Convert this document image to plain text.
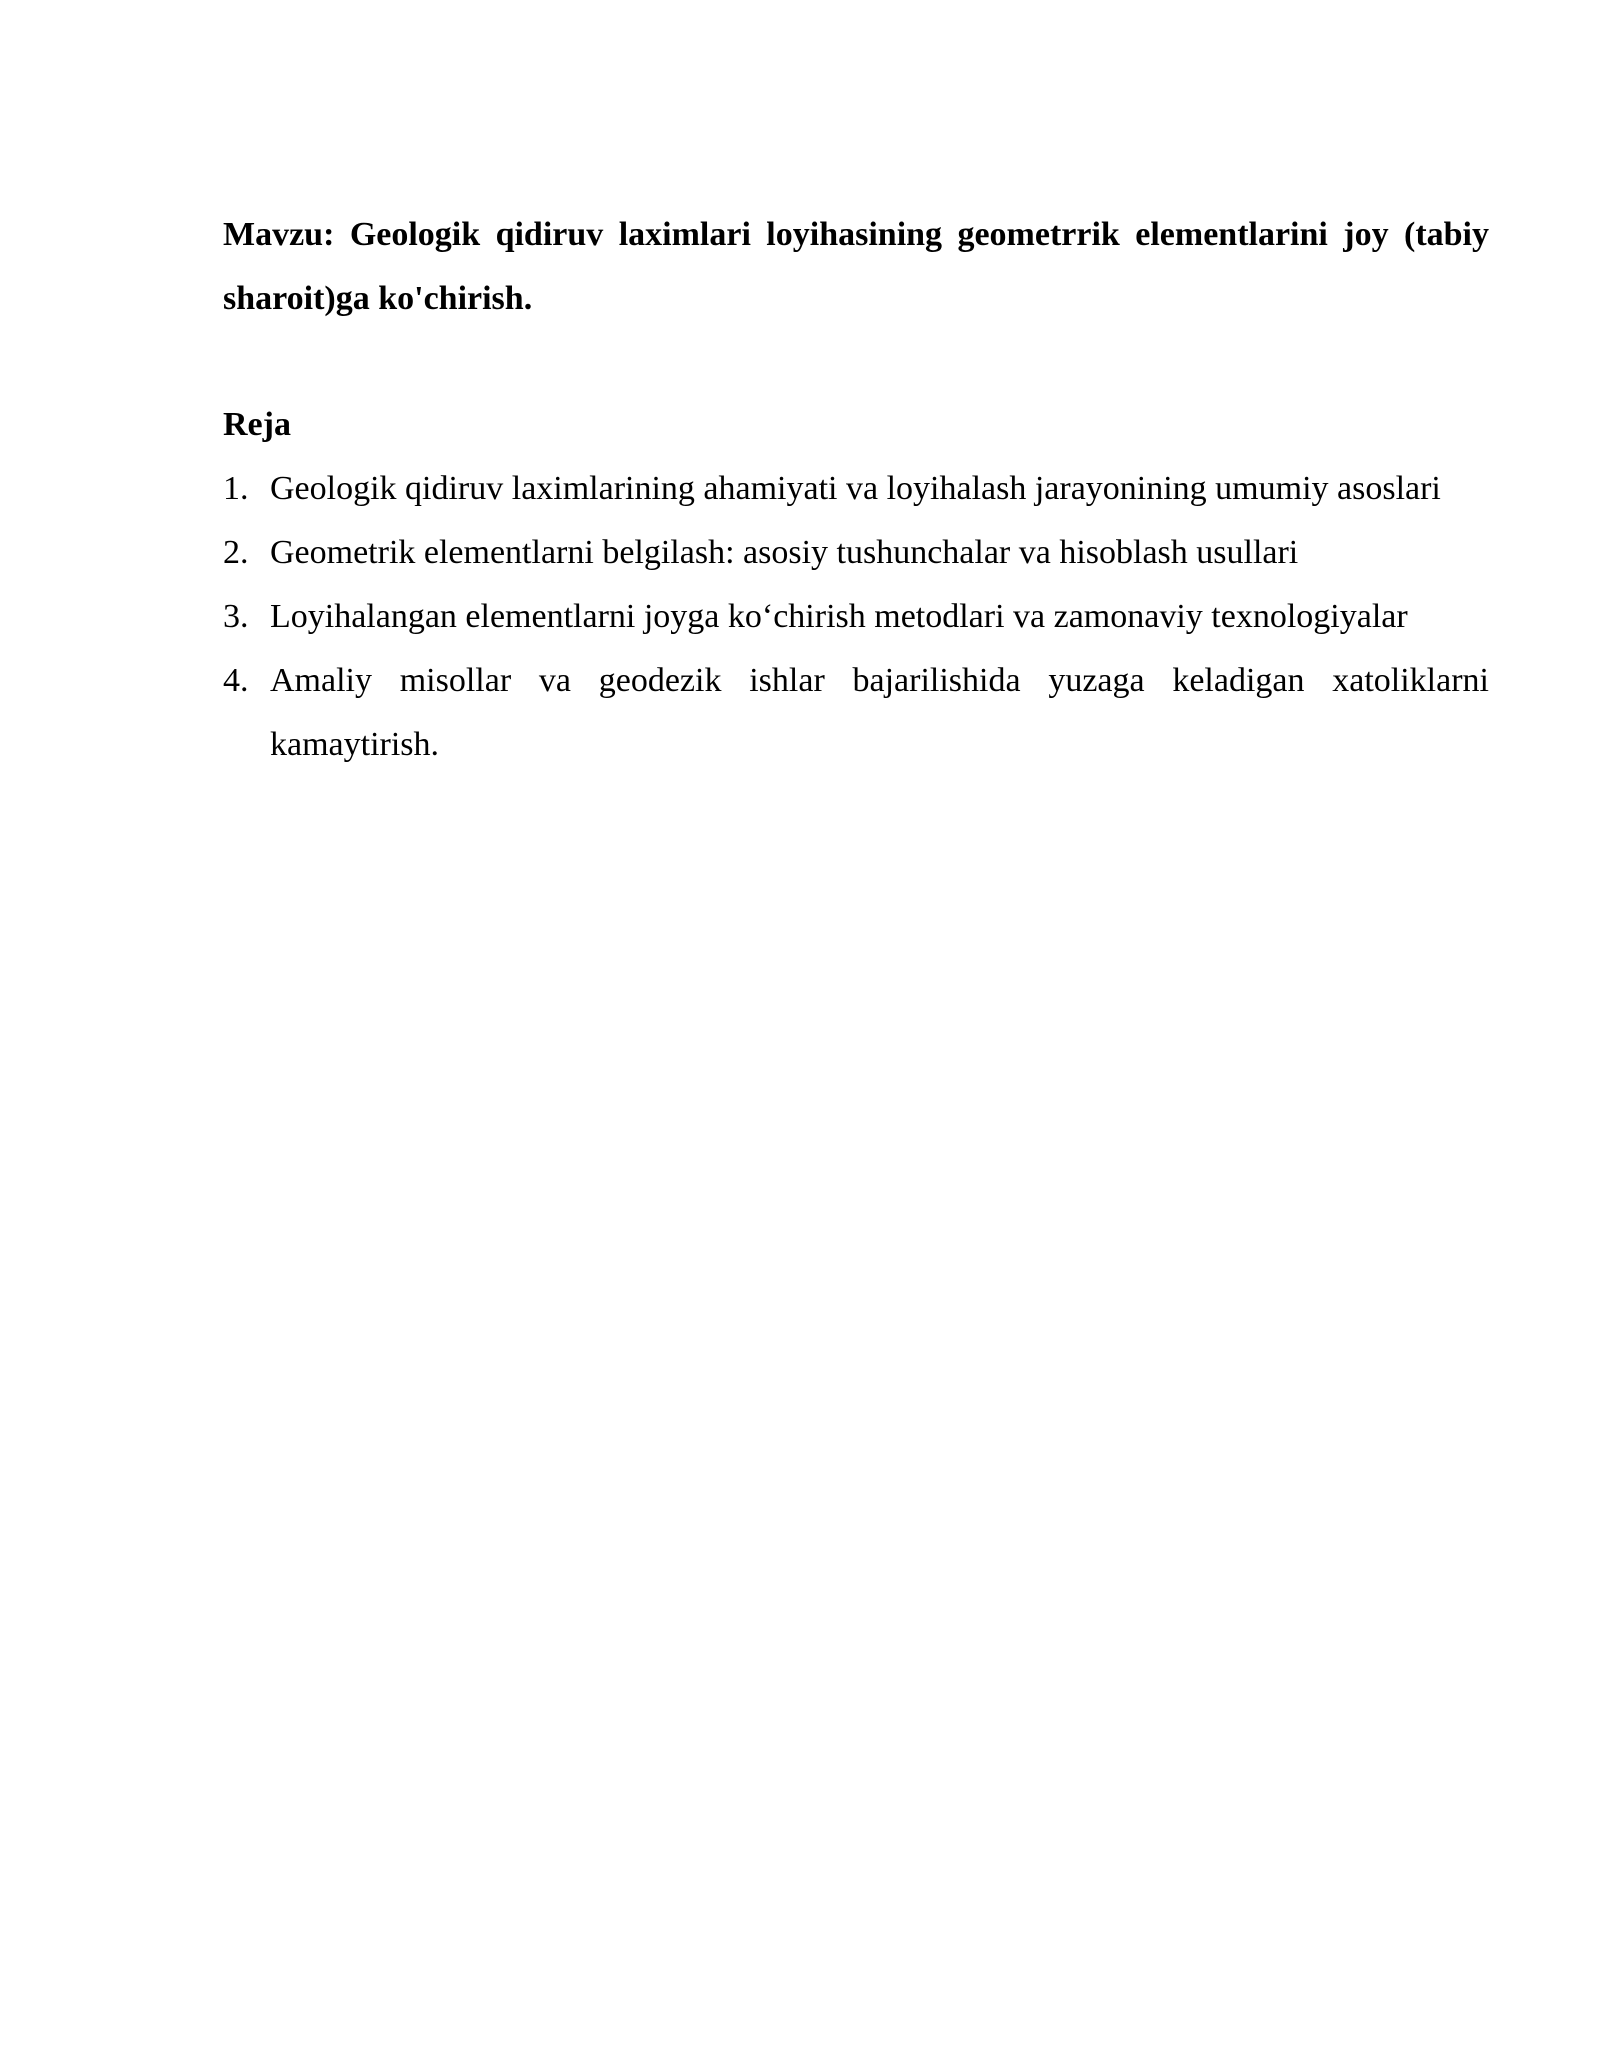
Mavzu: Geologik qidiruv laximlari loyihasining geometrrik elementlarini joy (tabiy sharoit)ga ko'chirish.

Reja

1. Geologik qidiruv laximlarining ahamiyati va loyihalash jarayonining umumiy asoslari
2. Geometrik elementlarni belgilash: asosiy tushunchalar va hisoblash usullari
3. Loyihalangan elementlarni joyga ko‘chirish metodlari va zamonaviy texnologiyalar
4. Amaliy misollar va geodezik ishlar bajarilishida yuzaga keladigan xatoliklarni kamaytirish.
